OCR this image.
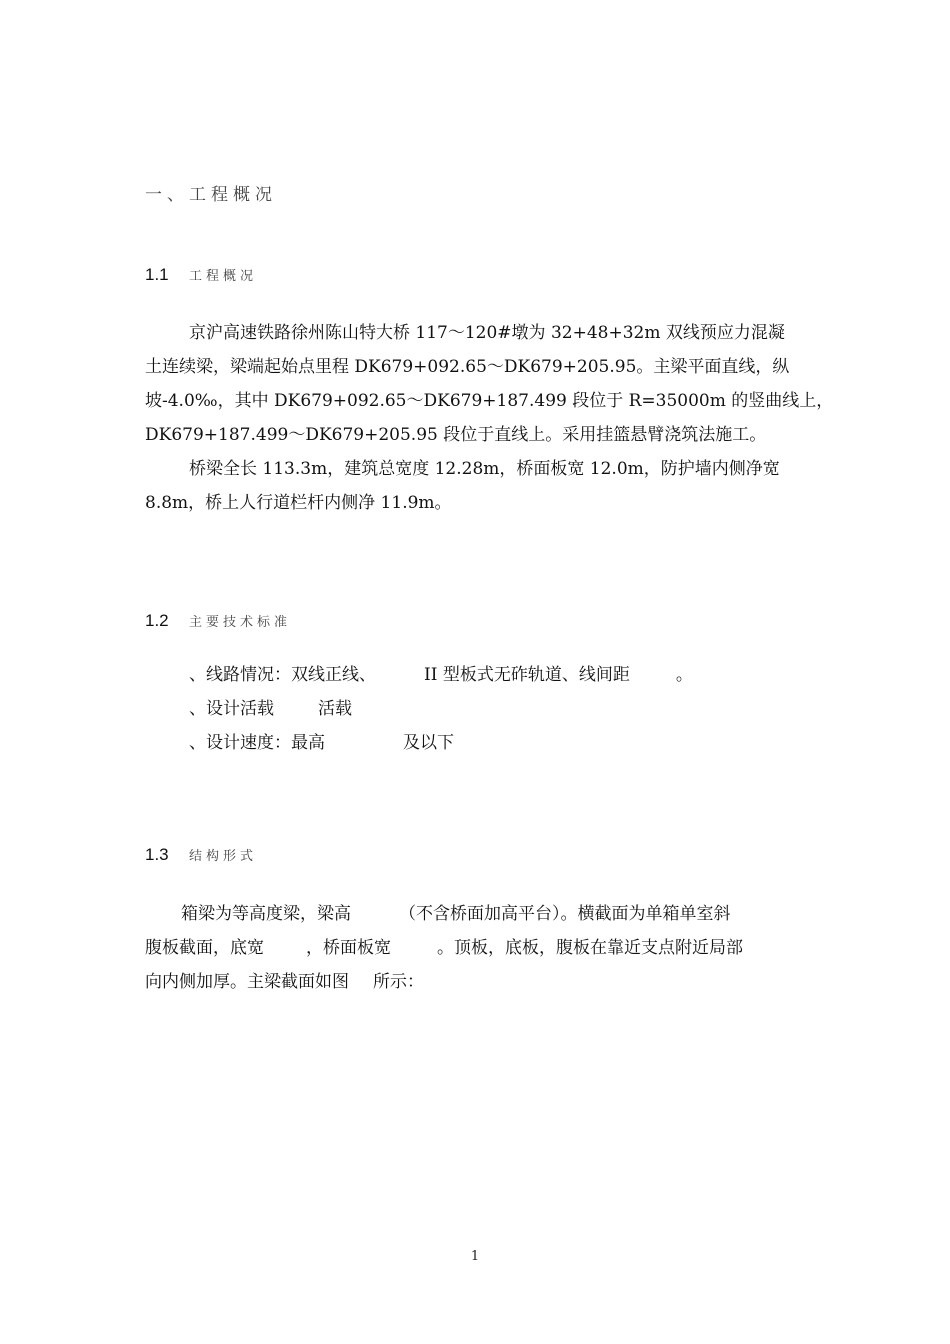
一、工程概况
1.1 工程概况
京沪高速铁路徐州陈山特大桥 117～120#墩为 32+48+32m 双线预应力混凝
土连续梁，梁端起始点里程 DK679+092.65～DK679+205.95。主梁平面直线，纵
坡-4.0‰，其中 DK679+092.65～DK679+187.499 段位于 R=35000m 的竖曲线上，
DK679+187.499～DK679+205.95 段位于直线上。采用挂篮悬臂浇筑法施工。
桥梁全长 113.3m，建筑总宽度 12.28m，桥面板宽 12.0m，防护墙内侧净宽
8.8m，桥上人行道栏杆内侧净 11.9m。
1.2 主要技术标准
、线路情况：双线正线、	II 型板式无砟轨道、线间距	。
、设计活载	活载
、设计速度：最高	及以下
1.3 结构形式
箱梁为等高度梁，梁高	（不含桥面加高平台）。横截面为单箱单室斜
腹板截面，底宽 ，桥面板宽	。顶板，底板，腹板在靠近支点附近局部
向内侧加厚。主梁截面如图 所示：
1
